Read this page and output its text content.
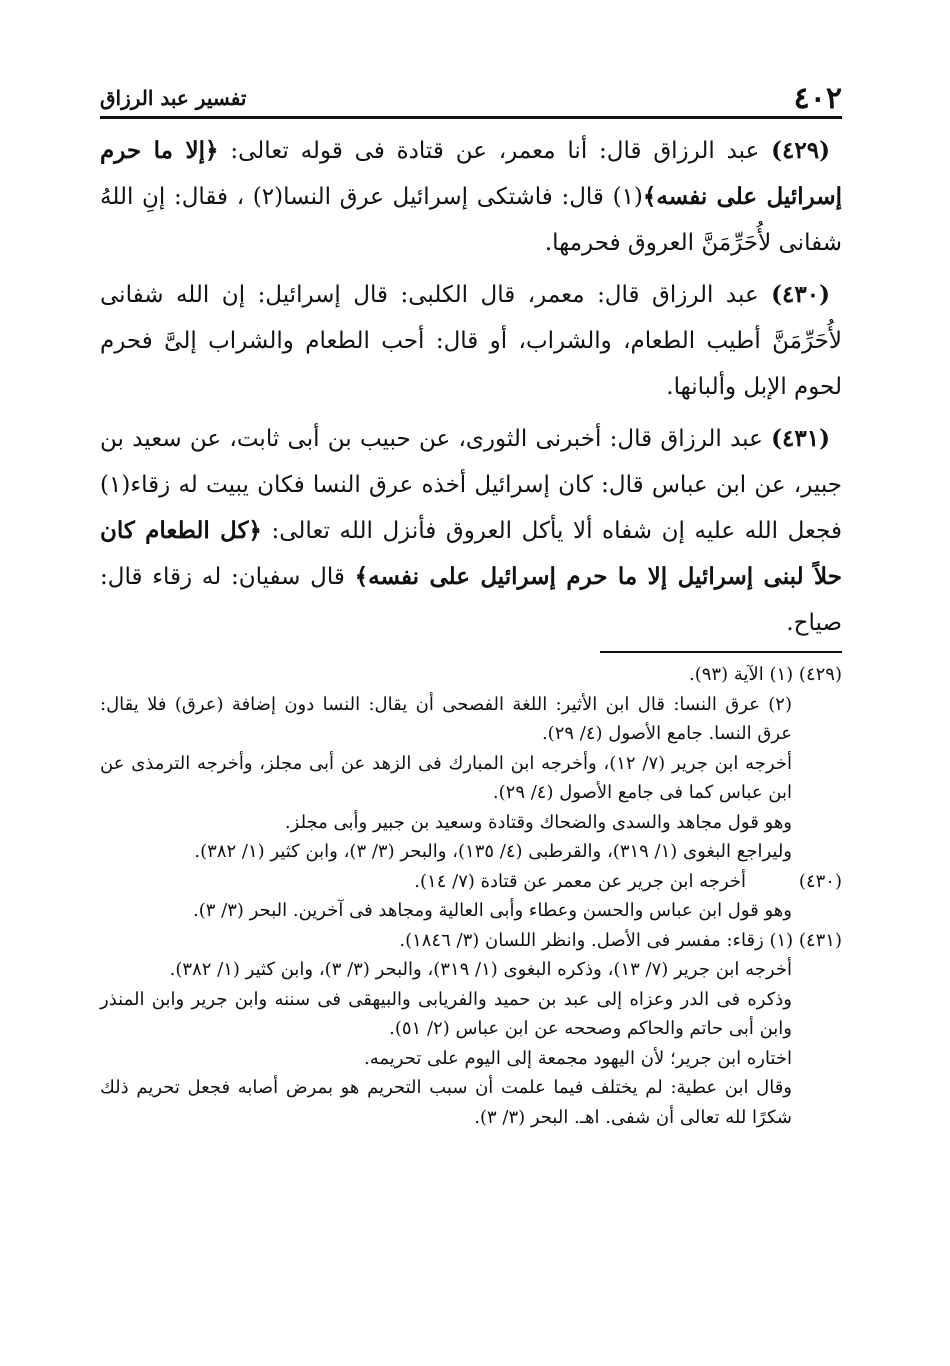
٤٠٢
تفسير عبد الرزاق

(٤٢٩) عبد الرزاق قال: أنا معمر، عن قتادة فى قوله تعالى: ﴿إلا ما حرم إسرائيل على نفسه﴾(١) قال: فاشتكى إسرائيل عرق النسا(٢) ، فقال: إنِ اللهُ شفانى لأُحَرِّمَنَّ العروق فحرمها.

(٤٣٠) عبد الرزاق قال: معمر، قال الكلبى: قال إسرائيل: إن الله شفانى لأُحَرِّمَنَّ أطيب الطعام، والشراب، أو قال: أحب الطعام والشراب إلىَّ فحرم لحوم الإبل وألبانها.

(٤٣١) عبد الرزاق قال: أخبرنى الثورى، عن حبيب بن أبى ثابت، عن سعيد بن جبير، عن ابن عباس قال: كان إسرائيل أخذه عرق النسا فكان يبيت له زقاء(١) فجعل الله عليه إن شفاه ألا يأكل العروق فأنزل الله تعالى: ﴿كل الطعام كان حلاً لبنى إسرائيل إلا ما حرم إسرائيل على نفسه﴾ قال سفيان: له زقاء قال: صياح.

(٤٢٩) (١) الآية (٩٣).

(٢) عرق النسا: قال ابن الأثير: اللغة الفصحى أن يقال: النسا دون إضافة (عرق) فلا يقال: عرق النسا. جامع الأصول (٤/ ٢٩).

أخرجه ابن جرير (٧/ ١٢)، وأخرجه ابن المبارك فى الزهد عن أبى مجلز، وأخرجه الترمذى عن ابن عباس كما فى جامع الأصول (٤/ ٢٩).

وهو قول مجاهد والسدى والضحاك وقتادة وسعيد بن جبير وأبى مجلز.

وليراجع البغوى (١/ ٣١٩)، والقرطبى (٤/ ١٣٥)، والبحر (٣/ ٣)، وابن كثير (١/ ٣٨٢).

(٤٣٠)
أخرجه ابن جرير عن معمر عن قتادة (٧/ ١٤).

وهو قول ابن عباس والحسن وعطاء وأبى العالية ومجاهد فى آخرين. البحر (٣/ ٣).

(٤٣١) (١) زقاء: مفسر فى الأصل. وانظر اللسان (٣/ ١٨٤٦).

أخرجه ابن جرير (٧/ ١٣)، وذكره البغوى (١/ ٣١٩)، والبحر (٣/ ٣)، وابن كثير (١/ ٣٨٢).

وذكره فى الدر وعزاه إلى عبد بن حميد والفريابى والبيهقى فى سننه وابن جرير وابن المنذر وابن أبى حاتم والحاكم وصححه عن ابن عباس (٢/ ٥١).

اختاره ابن جرير؛ لأن اليهود مجمعة إلى اليوم على تحريمه.

وقال ابن عطية: لم يختلف فيما علمت أن سبب التحريم هو بمرض أصابه فجعل تحريم ذلك شكرًا لله تعالى أن شفى. اهـ. البحر (٣/ ٣).
